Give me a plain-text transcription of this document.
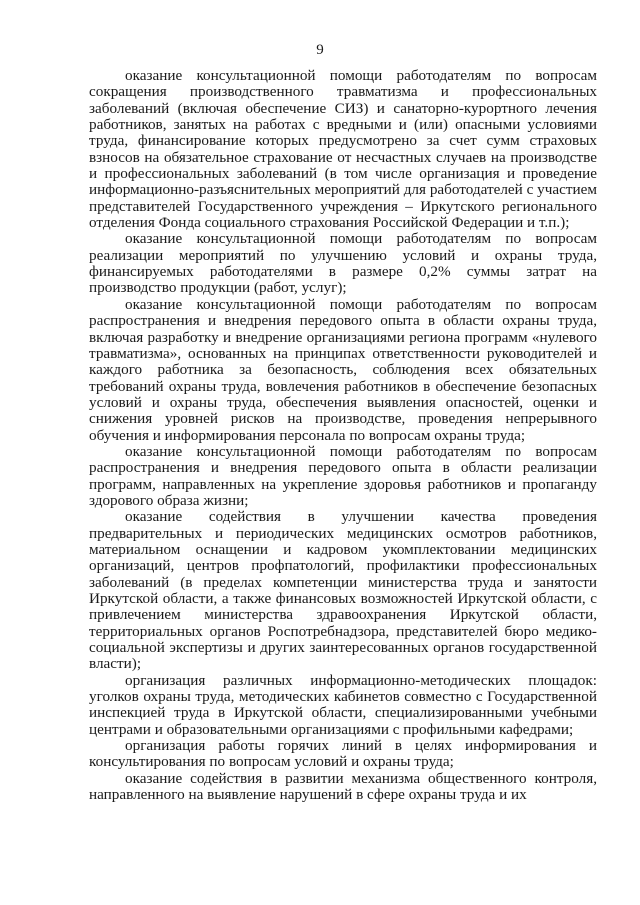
9

оказание консультационной помощи работодателям по вопросам сокращения производственного травматизма и профессиональных заболеваний (включая обеспечение СИЗ) и санаторно-курортного лечения работников, занятых на работах с вредными и (или) опасными условиями труда, финансирование которых предусмотрено за счет сумм страховых взносов на обязательное страхование от несчастных случаев на производстве и профессиональных заболеваний (в том числе организация и проведение информационно-разъяснительных мероприятий для работодателей с участием представителей Государственного учреждения – Иркутского регионального отделения Фонда социального страхования Российской Федерации и т.п.);

оказание консультационной помощи работодателям по вопросам реализации мероприятий по улучшению условий и охраны труда, финансируемых работодателями в размере 0,2% суммы затрат на производство продукции (работ, услуг);

оказание консультационной помощи работодателям по вопросам распространения и внедрения передового опыта в области охраны труда, включая разработку и внедрение организациями региона программ «нулевого травматизма», основанных на принципах ответственности руководителей и каждого работника за безопасность, соблюдения всех обязательных требований охраны труда, вовлечения работников в обеспечение безопасных условий и охраны труда, обеспечения выявления опасностей, оценки и снижения уровней рисков на производстве, проведения непрерывного обучения и информирования персонала по вопросам охраны труда;

оказание консультационной помощи работодателям по вопросам распространения и внедрения передового опыта в области реализации программ, направленных на укрепление здоровья работников и пропаганду здорового образа жизни;

оказание содействия в улучшении качества проведения предварительных и периодических медицинских осмотров работников, материальном оснащении и кадровом укомплектовании медицинских организаций, центров профпатологий, профилактики профессиональных заболеваний (в пределах компетенции министерства труда и занятости Иркутской области, а также финансовых возможностей Иркутской области, с привлечением министерства здравоохранения Иркутской области, территориальных органов Роспотребнадзора, представителей бюро медико-социальной экспертизы и других заинтересованных органов государственной власти);

организация различных информационно-методических площадок: уголков охраны труда, методических кабинетов совместно с Государственной инспекцией труда в Иркутской области, специализированными учебными центрами и образовательными организациями с профильными кафедрами;

организация работы горячих линий в целях информирования и консультирования по вопросам условий и охраны труда;

оказание содействия в развитии механизма общественного контроля, направленного на выявление нарушений в сфере охраны труда и их
